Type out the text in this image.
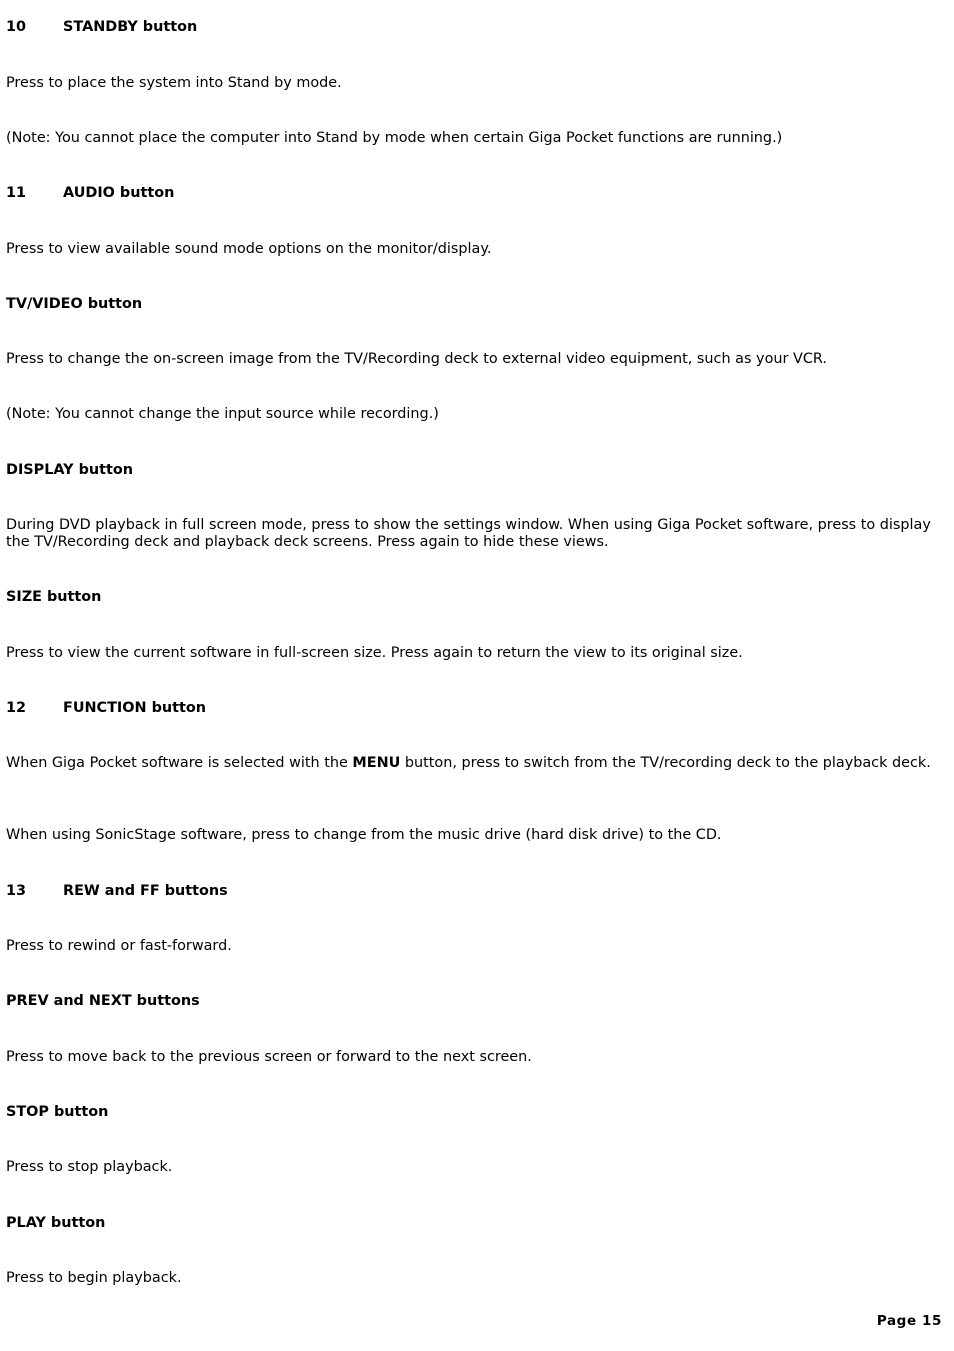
10	STANDBY button

Press to place the system into Stand by mode.

(Note: You cannot place the computer into Stand by mode when certain Giga Pocket functions are running.)

11	AUDIO button

Press to view available sound mode options on the monitor/display.

TV/VIDEO button

Press to change the on-screen image from the TV/Recording deck to external video equipment, such as your VCR.

(Note: You cannot change the input source while recording.)

DISPLAY button

During DVD playback in full screen mode, press to show the settings window. When using Giga Pocket software, press to display the TV/Recording deck and playback deck screens. Press again to hide these views.

SIZE button

Press to view the current software in full-screen size. Press again to return the view to its original size.

12	FUNCTION button

When Giga Pocket software is selected with the MENU button, press to switch from the TV/recording deck to the playback deck.

When using SonicStage software, press to change from the music drive (hard disk drive) to the CD.

13	REW and FF buttons

Press to rewind or fast-forward.

PREV and NEXT buttons

Press to move back to the previous screen or forward to the next screen.

STOP button

Press to stop playback.

PLAY button

Press to begin playback.

Page 15
